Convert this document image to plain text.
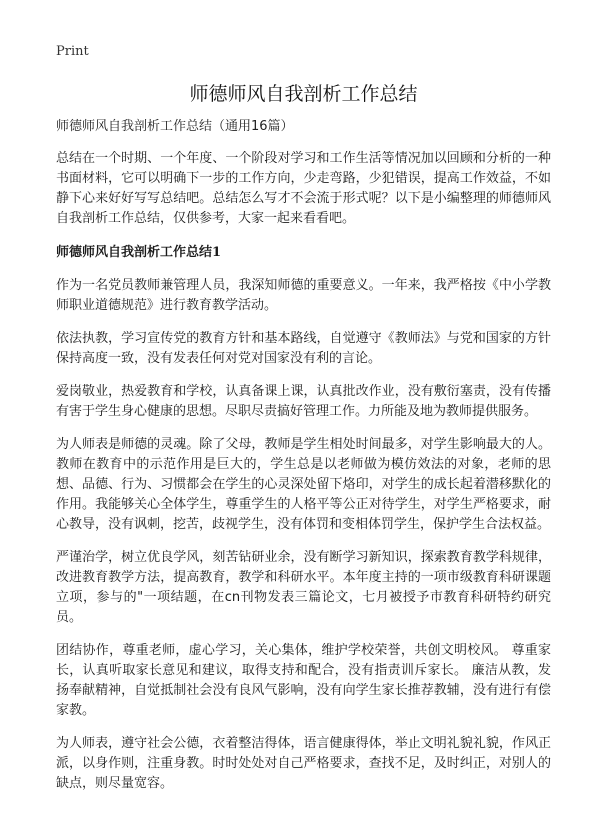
Print
师德师风自我剖析工作总结
师德师风自我剖析工作总结（通用16篇）

总结在一个时期、一个年度、一个阶段对学习和工作生活等情况加以回顾和分析的一种书面材料，它可以明确下一步的工作方向，少走弯路，少犯错误，提高工作效益，不如静下心来好好写写总结吧。总结怎么写才不会流于形式呢？以下是小编整理的师德师风自我剖析工作总结，仅供参考，大家一起来看看吧。

师德师风自我剖析工作总结1

作为一名党员教师兼管理人员，我深知师德的重要意义。一年来，我严格按《中小学教师职业道德规范》进行教育教学活动。

依法执教，学习宣传党的教育方针和基本路线，自觉遵守《教师法》与党和国家的方针保持高度一致，没有发表任何对党对国家没有利的言论。

爱岗敬业，热爱教育和学校，认真备课上课，认真批改作业，没有敷衍塞责，没有传播有害于学生身心健康的思想。尽职尽责搞好管理工作。力所能及地为教师提供服务。

为人师表是师德的灵魂。除了父母，教师是学生相处时间最多，对学生影响最大的人。教师在教育中的示范作用是巨大的，学生总是以老师做为模仿效法的对象，老师的思想、品德、行为、习惯都会在学生的心灵深处留下烙印，对学生的成长起着潜移默化的作用。我能够关心全体学生，尊重学生的人格平等公正对待学生，对学生严格要求，耐心教导，没有讽刺，挖苦，歧视学生，没有体罚和变相体罚学生，保护学生合法权益。

严谨治学，树立优良学风，刻苦钻研业余，没有断学习新知识，探索教育教学科规律，改进教育教学方法，提高教育，教学和科研水平。本年度主持的一项市级教育科研课题立项，参与的"一项结题，在cn刊物发表三篇论文，七月被授予市教育科研特约研究员。

团结协作，尊重老师，虚心学习，关心集体，维护学校荣誉，共创文明校风。 尊重家长，认真听取家长意见和建议，取得支持和配合，没有指责训斥家长。 廉洁从教，发扬奉献精神，自觉抵制社会没有良风气影响，没有向学生家长推荐教辅，没有进行有偿家教。

为人师表，遵守社会公德，衣着整洁得体，语言健康得体，举止文明礼貌礼貌，作风正派，以身作则，注重身教。时时处处对自己严格要求，查找不足，及时纠正，对别人的缺点，则尽量宽容。
